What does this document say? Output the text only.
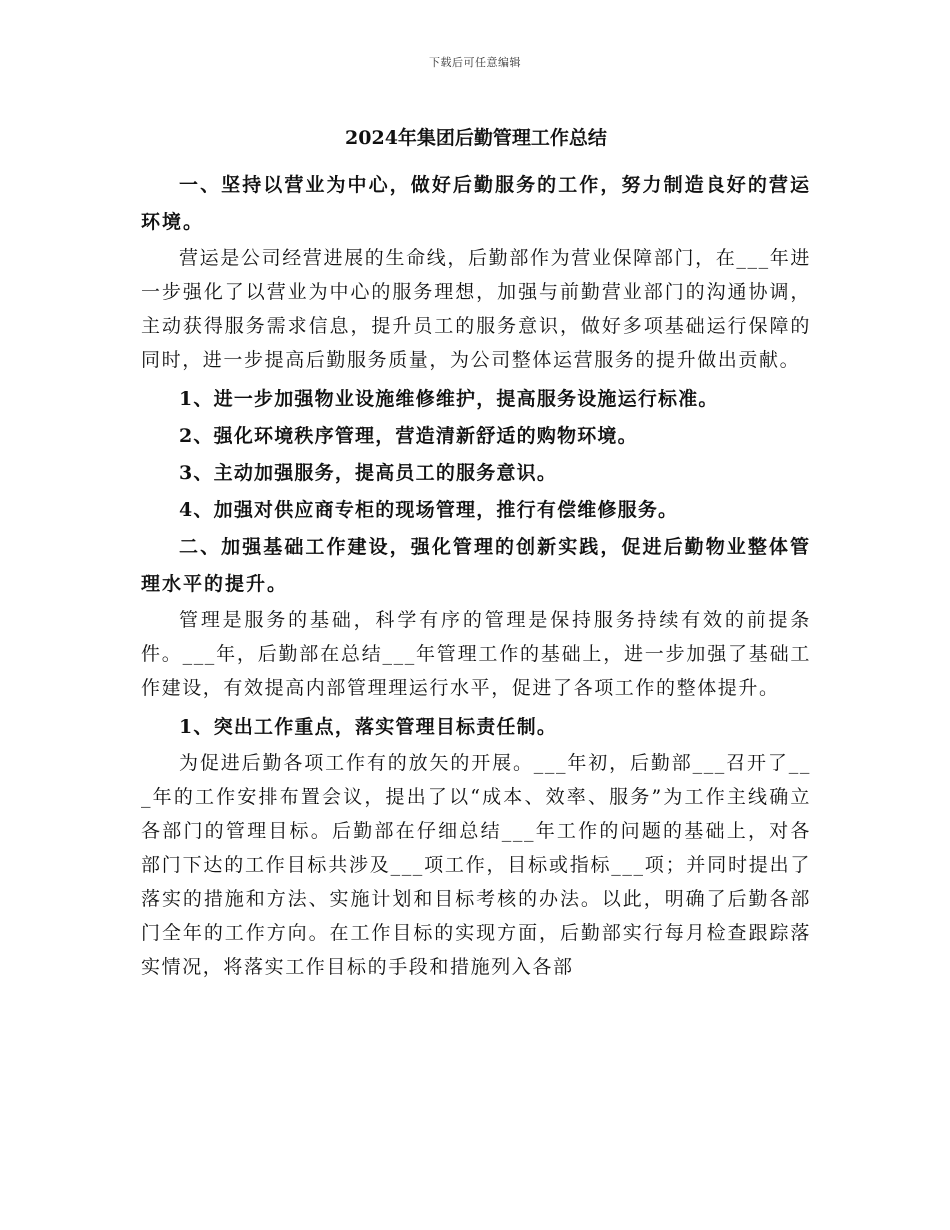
下载后可任意编辑
2024年集团后勤管理工作总结

一、坚持以营业为中心，做好后勤服务的工作，努力制造良好的营运环境。

营运是公司经营进展的生命线，后勤部作为营业保障部门，在___年进一步强化了以营业为中心的服务理想，加强与前勤营业部门的沟通协调，主动获得服务需求信息，提升员工的服务意识，做好多项基础运行保障的同时，进一步提高后勤服务质量，为公司整体运营服务的提升做出贡献。

1、进一步加强物业设施维修维护，提高服务设施运行标准。

2、强化环境秩序管理，营造清新舒适的购物环境。

3、主动加强服务，提高员工的服务意识。

4、加强对供应商专柜的现场管理，推行有偿维修服务。

二、加强基础工作建设，强化管理的创新实践，促进后勤物业整体管理水平的提升。

管理是服务的基础，科学有序的管理是保持服务持续有效的前提条件。___年，后勤部在总结___年管理工作的基础上，进一步加强了基础工作建设，有效提高内部管理理运行水平，促进了各项工作的整体提升。

1、突出工作重点，落实管理目标责任制。

为促进后勤各项工作有的放矢的开展。___年初，后勤部___召开了___年的工作安排布置会议，提出了以“成本、效率、服务”为工作主线确立各部门的管理目标。后勤部在仔细总结___年工作的问题的基础上，对各部门下达的工作目标共涉及___项工作，目标或指标___项；并同时提出了落实的措施和方法、实施计划和目标考核的办法。以此，明确了后勤各部门全年的工作方向。在工作目标的实现方面，后勤部实行每月检查跟踪落实情况，将落实工作目标的手段和措施列入各部
